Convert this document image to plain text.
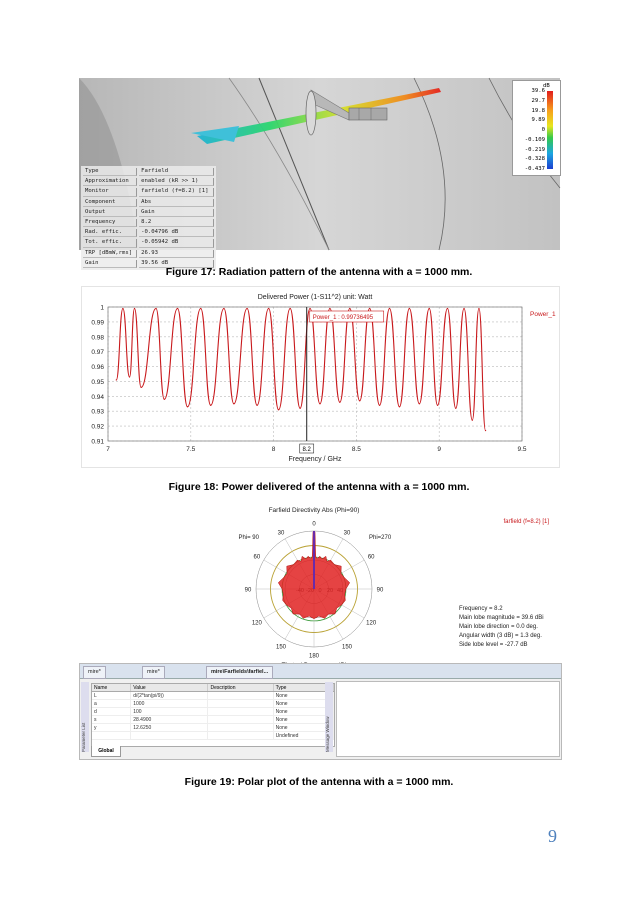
Type	Farfield
Approximation	enabled (kR >> 1)
Monitor	farfield (f=8.2) [1]
Component	Abs
Output	Gain
Frequency	8.2
Rad. effic.	-0.04796 dB
Tot. effic.	-0.05942 dB
TRP [dBmW,rms]	26.93
Gain	39.56 dB
dB
39.6
29.7
19.8
9.89
0
-0.109
-0.219
-0.328
-0.437
Figure 17: Radiation pattern of the antenna with a = 1000 mm.
Delivered Power (1-S11^2) unit: Watt
1
0.99
0.98
0.97
0.96
0.95
0.94
0.93
0.92
0.91
7	7.5	8	8.5	9	9.5
Frequency / GHz
Power_1
Power_1 : 0.99736495
8.2
Figure 18: Power delivered of the antenna with a = 1000 mm.
Farfield Directivity Abs (Phi=90)
0
30
60
90
120
150
180
150
120
90
60
30
Phi= 90	Phi=270
farfield (f=8.2) [1]
Frequency = 8.2
Main lobe magnitude = 39.6 dBi
Main lobe direction = 0.0 deg.
Angular width (3 dB) = 1.3 deg.
Side lobe level = -27.7 dB
mire*	mire*	mire\Farfields\farfiel...
Parameter List
Name	Value	Description	Type
L	d/(2*tan(pi/9))		None
a	1000		None
d	100		None
s	28.4900		None
y	12.6250		None
			Undefined
Global	Message Window
Figure 19: Polar plot of the antenna with a = 1000 mm.
9
